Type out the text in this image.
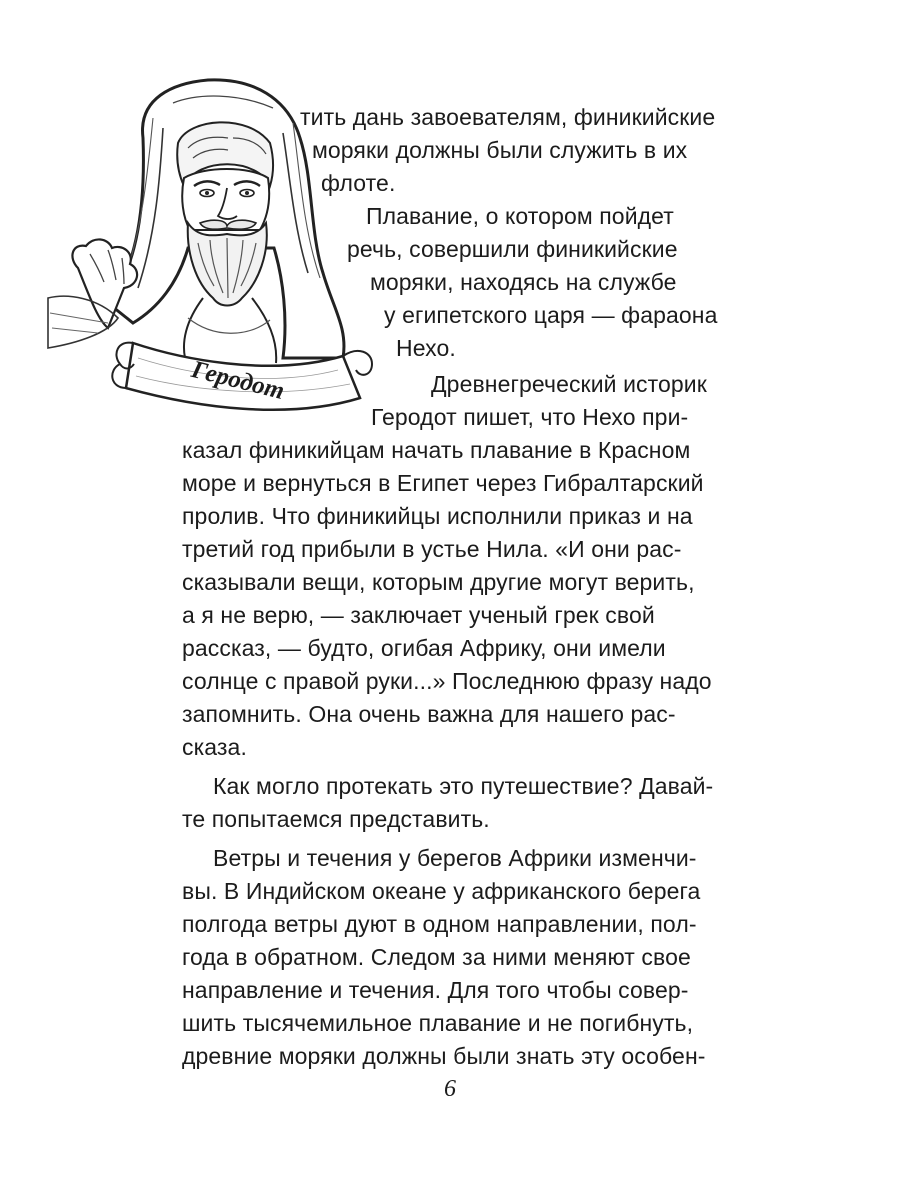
Геродот
тить дань завоевателям, финикийские
моряки должны были служить в их
флоте.
Плавание, о котором пойдет
речь, совершили финикийские
моряки, находясь на службе
у египетского царя — фараона
Нехо.
Древнегреческий историк
Геродот пишет, что Нехо при-
казал финикийцам начать плавание в Красном
море и вернуться в Египет через Гибралтарский
пролив. Что финикийцы исполнили приказ и на
третий год прибыли в устье Нила. «И они рас-
сказывали вещи, которым другие могут верить,
а я не верю, — заключает ученый грек свой
рассказ, — будто, огибая Африку, они имели
солнце с правой руки...» Последнюю фразу надо
запомнить. Она очень важна для нашего рас-
сказа.
Как могло протекать это путешествие? Давай-
те попытаемся представить.
Ветры и течения у берегов Африки изменчи-
вы. В Индийском океане у африканского берега
полгода ветры дуют в одном направлении, пол-
года в обратном. Следом за ними меняют свое
направление и течения. Для того чтобы совер-
шить тысячемильное плавание и не погибнуть,
древние моряки должны были знать эту особен-
6
